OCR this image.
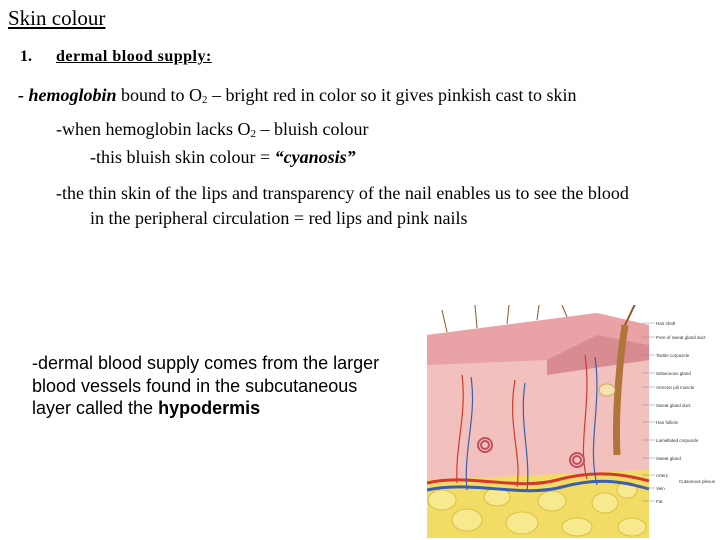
Skin colour
1. dermal blood supply:
- hemoglobin bound to $O_2$ – bright red in color so it gives pinkish cast to skin
-when hemoglobin lacks $O_2$ – bluish colour
-this bluish skin colour = “cyanosis”
-the thin skin of the lips and transparency of the nail enables us to see the blood
in the peripheral circulation = red lips and pink nails
-dermal blood supply comes from the larger
blood vessels found in the subcutaneous
layer called the hypodermis
Hair shaft
Pore of sweat gland duct
Tactile corpuscle
Sebaceous gland
Arrector pili muscle
Sweat gland duct
Hair follicle
Lamellated corpuscle
Sweat gland
Artery
Vein
Fat
Cutaneous plexus
